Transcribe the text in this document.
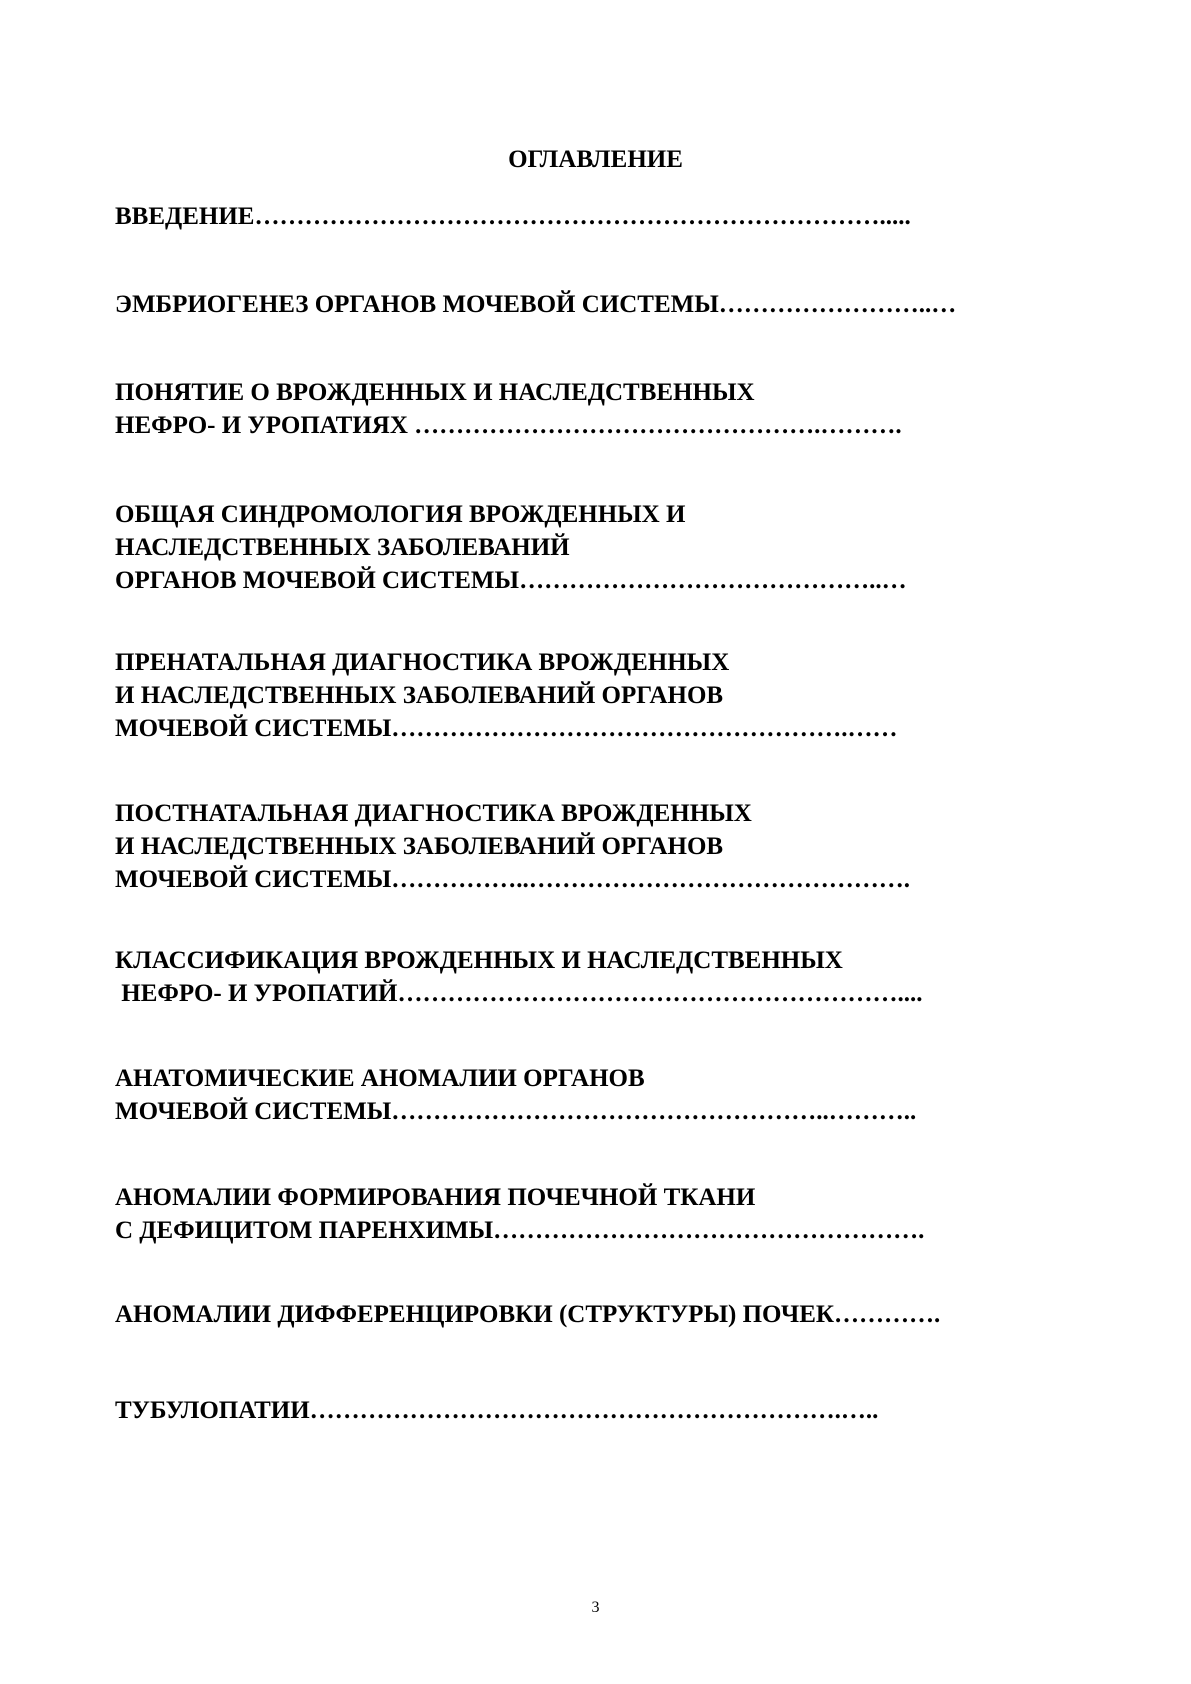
ОГЛАВЛЕНИЕ
ВВЕДЕНИЕ………………………………………………………………….....
ЭМБРИОГЕНЕЗ ОРГАНОВ МОЧЕВОЙ СИСТЕМЫ……………………..…
ПОНЯТИЕ О ВРОЖДЕННЫХ И НАСЛЕДСТВЕННЫХ
НЕФРО- И УРОПАТИЯХ ………………………………………….……….
ОБЩАЯ СИНДРОМОЛОГИЯ ВРОЖДЕННЫХ И
НАСЛЕДСТВЕННЫХ ЗАБОЛЕВАНИЙ
ОРГАНОВ МОЧЕВОЙ СИСТЕМЫ……………………………………..…
ПРЕНАТАЛЬНАЯ ДИАГНОСТИКА ВРОЖДЕННЫХ
И НАСЛЕДСТВЕННЫХ ЗАБОЛЕВАНИЙ ОРГАНОВ
МОЧЕВОЙ СИСТЕМЫ……………………………………………….……
ПОСТНАТАЛЬНАЯ ДИАГНОСТИКА ВРОЖДЕННЫХ
И НАСЛЕДСТВЕННЫХ ЗАБОЛЕВАНИЙ ОРГАНОВ
МОЧЕВОЙ СИСТЕМЫ……………..……………………………………….
КЛАССИФИКАЦИЯ ВРОЖДЕННЫХ И НАСЛЕДСТВЕННЫХ
НЕФРО- И УРОПАТИЙ……………………………………………………....
АНАТОМИЧЕСКИЕ АНОМАЛИИ ОРГАНОВ
МОЧЕВОЙ СИСТЕМЫ……………………………………………..………..
АНОМАЛИИ ФОРМИРОВАНИЯ ПОЧЕЧНОЙ ТКАНИ
С ДЕФИЦИТОМ ПАРЕНХИМЫ…………………………………………….
АНОМАЛИИ ДИФФЕРЕНЦИРОВКИ (СТРУКТУРЫ) ПОЧЕК………….
ТУБУЛОПАТИИ……………………………………………………….…..
3
